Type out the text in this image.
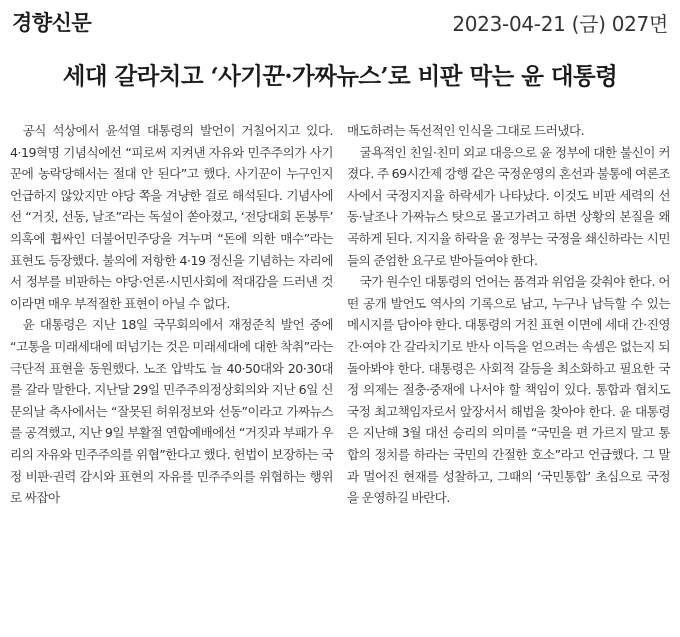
경향신문	2023-04-21 (금) 027면
세대 갈라치고 ‘사기꾼·가짜뉴스’로 비판 막는 윤 대통령

공식 석상에서 윤석열 대통령의 발언이 거칠어지고 있다. 4·19혁명 기념식에선 “피로써 지켜낸 자유와 민주주의가 사기꾼에 농락당해서는 절대 안 된다”고 했다. 사기꾼이 누구인지 언급하지 않았지만 야당 쪽을 겨냥한 걸로 해석된다. 기념사에선 “거짓, 선동, 날조”라는 독설이 쏟아졌고, ‘전당대회 돈봉투’ 의혹에 휩싸인 더불어민주당을 겨누며 “돈에 의한 매수”라는 표현도 등장했다. 불의에 저항한 4·19 정신을 기념하는 자리에서 정부를 비판하는 야당·언론·시민사회에 적대감을 드러낸 것이라면 매우 부적절한 표현이 아닐 수 없다.

윤 대통령은 지난 18일 국무회의에서 재정준칙 발언 중에 “고통을 미래세대에 떠넘기는 것은 미래세대에 대한 착취”라는 극단적 표현을 동원했다. 노조 압박도 늘 40·50대와 20·30대를 갈라 말한다. 지난달 29일 민주주의정상회의와 지난 6일 신문의날 축사에서는 “잘못된 허위정보와 선동”이라고 가짜뉴스를 공격했고, 지난 9일 부활절 연합예배에선 “거짓과 부패가 우리의 자유와 민주주의를 위협”한다고 했다. 헌법이 보장하는 국정 비판·권력 감시와 표현의 자유를 민주주의를 위협하는 행위로 싸잡아

매도하려는 독선적인 인식을 그대로 드러냈다.

굴욕적인 친일·친미 외교 대응으로 윤 정부에 대한 불신이 커졌다. 주 69시간제 강행 같은 국정운영의 혼선과 불통에 여론조사에서 국정지지율 하락세가 나타났다. 이것도 비판 세력의 선동·날조나 가짜뉴스 탓으로 몰고가려고 하면 상황의 본질을 왜곡하게 된다. 지지율 하락을 윤 정부는 국정을 쇄신하라는 시민들의 준엄한 요구로 받아들여야 한다.

국가 원수인 대통령의 언어는 품격과 위엄을 갖춰야 한다. 어떤 공개 발언도 역사의 기록으로 남고, 누구나 납득할 수 있는 메시지를 담아야 한다. 대통령의 거친 표현 이면에 세대 간·진영 간·여야 간 갈라치기로 반사 이득을 얻으려는 속셈은 없는지 되돌아봐야 한다. 대통령은 사회적 갈등을 최소화하고 필요한 국정 의제는 절충·중재에 나서야 할 책임이 있다. 통합과 협치도 국정 최고책임자로서 앞장서서 해법을 찾아야 한다. 윤 대통령은 지난해 3월 대선 승리의 의미를 “국민을 편 가르지 말고 통합의 정치를 하라는 국민의 간절한 호소”라고 언급했다. 그 말과 멀어진 현재를 성찰하고, 그때의 ‘국민통합’ 초심으로 국정을 운영하길 바란다.
